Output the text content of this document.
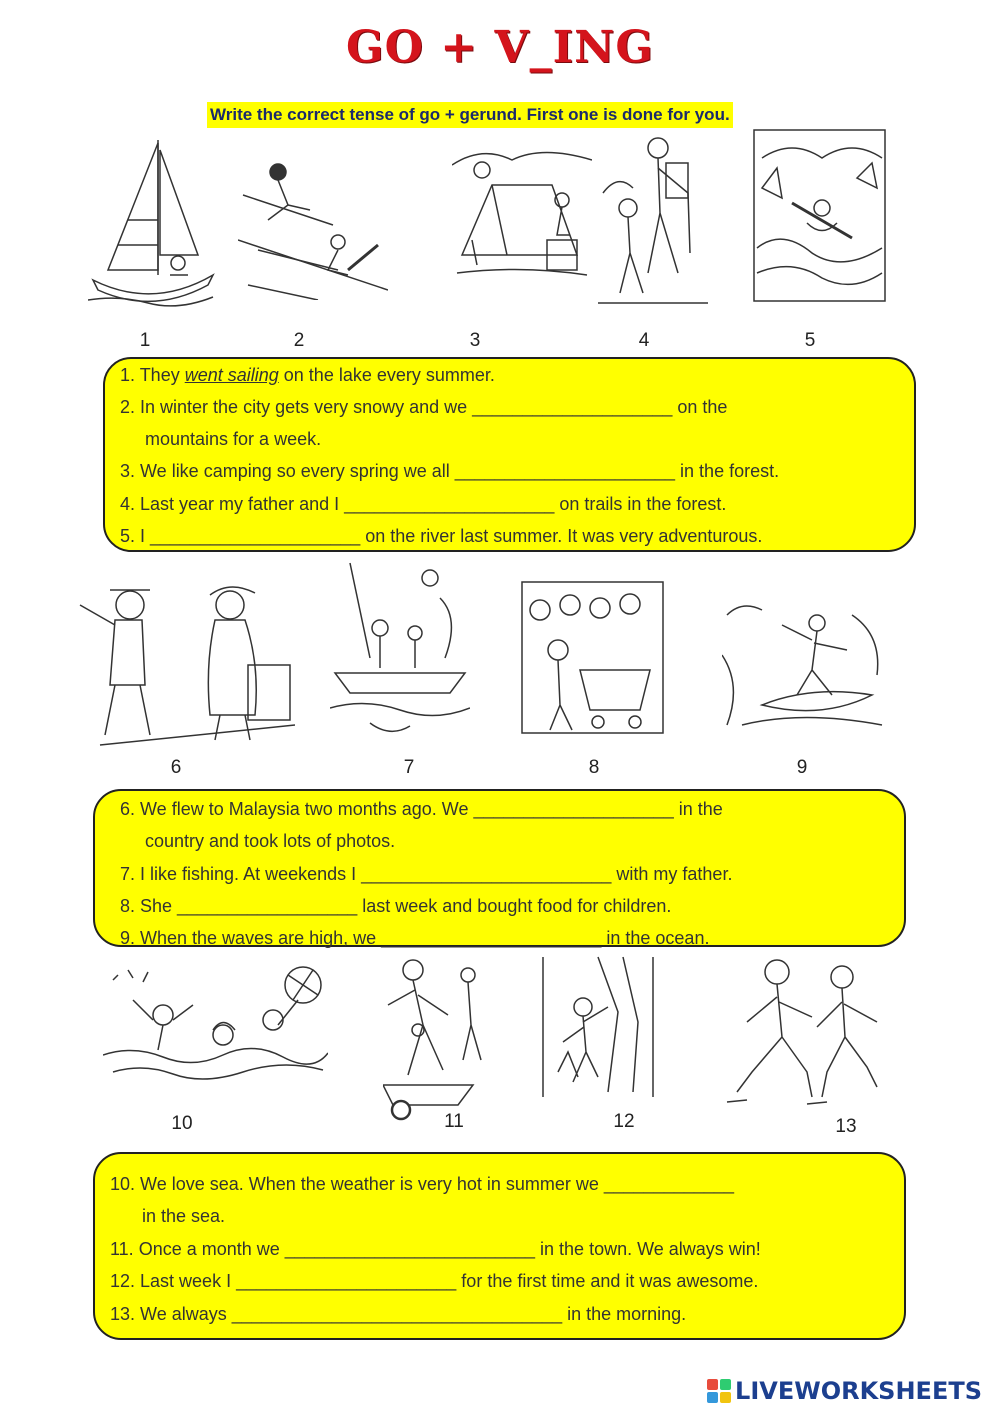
GO + V_ING
Write the correct tense of go + gerund. First one is done for you.
1	2	3	4	5
1. They went sailing on the lake every summer.
2. In winter the city gets very snowy and we ____________________ on the
mountains for a week.
3. We like camping so every spring we all ______________________ in the forest.
4. Last year my father and I _____________________ on trails in the forest.
5. I _____________________ on the river last summer. It was very adventurous.
6	7	8	9
6. We flew to Malaysia two months ago. We ____________________ in the
country and took lots of photos.
7. I like fishing. At weekends I _________________________ with my father.
8. She __________________ last week and bought food for children.
9. When the waves are high, we ______________________ in the ocean.
10	11	12	13
10. We love sea. When the weather is very hot in summer we _____________
in the sea.
11. Once a month we _________________________ in the town. We always win!
12. Last week I ______________________ for the first time and it was awesome.
13. We always _________________________________ in the morning.
LIVEWORKSHEETS
